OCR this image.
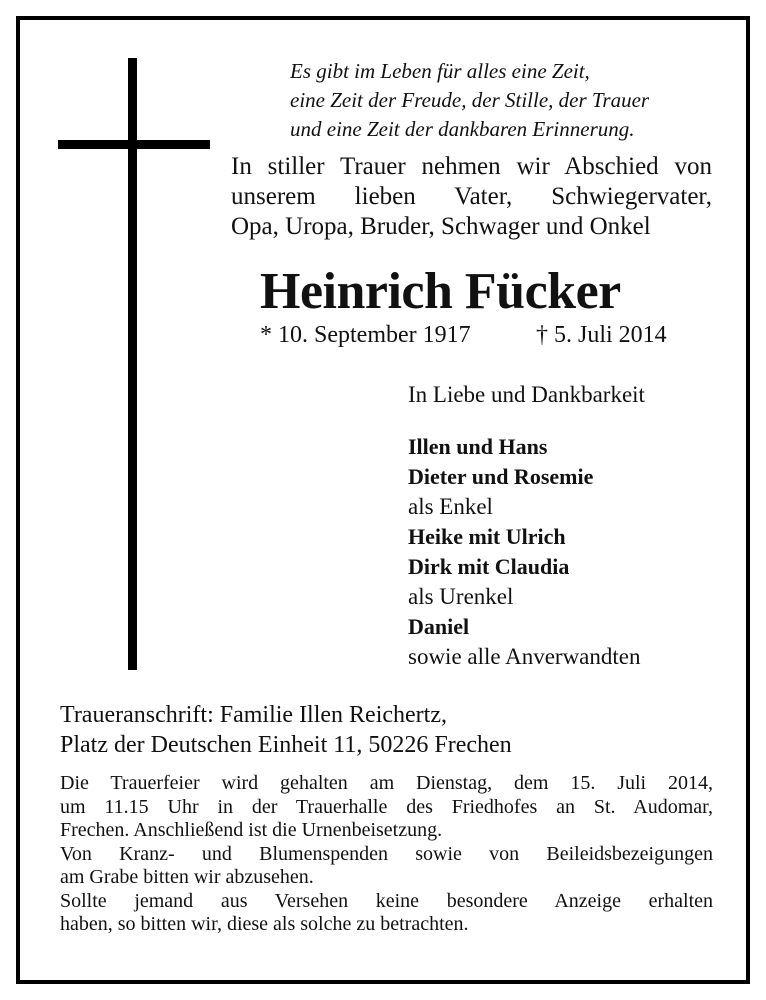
Es gibt im Leben für alles eine Zeit,
eine Zeit der Freude, der Stille, der Trauer
und eine Zeit der dankbaren Erinnerung.
In stiller Trauer nehmen wir Abschied von
unserem lieben Vater, Schwiegervater,
Opa, Uropa, Bruder, Schwager und Onkel
Heinrich Fücker
* 10. September 1917	† 5. Juli 2014
In Liebe und Dankbarkeit
Illen und Hans
Dieter und Rosemie
als Enkel
Heike mit Ulrich
Dirk mit Claudia
als Urenkel
Daniel
sowie alle Anverwandten
Traueranschrift: Familie Illen Reichertz,
Platz der Deutschen Einheit 11, 50226 Frechen
Die Trauerfeier wird gehalten am Dienstag, dem 15. Juli 2014,
um 11.15 Uhr in der Trauerhalle des Friedhofes an St. Audomar,
Frechen. Anschließend ist die Urnenbeisetzung.
Von Kranz- und Blumenspenden sowie von Beileidsbezeigungen
am Grabe bitten wir abzusehen.
Sollte jemand aus Versehen keine besondere Anzeige erhalten
haben, so bitten wir, diese als solche zu betrachten.
